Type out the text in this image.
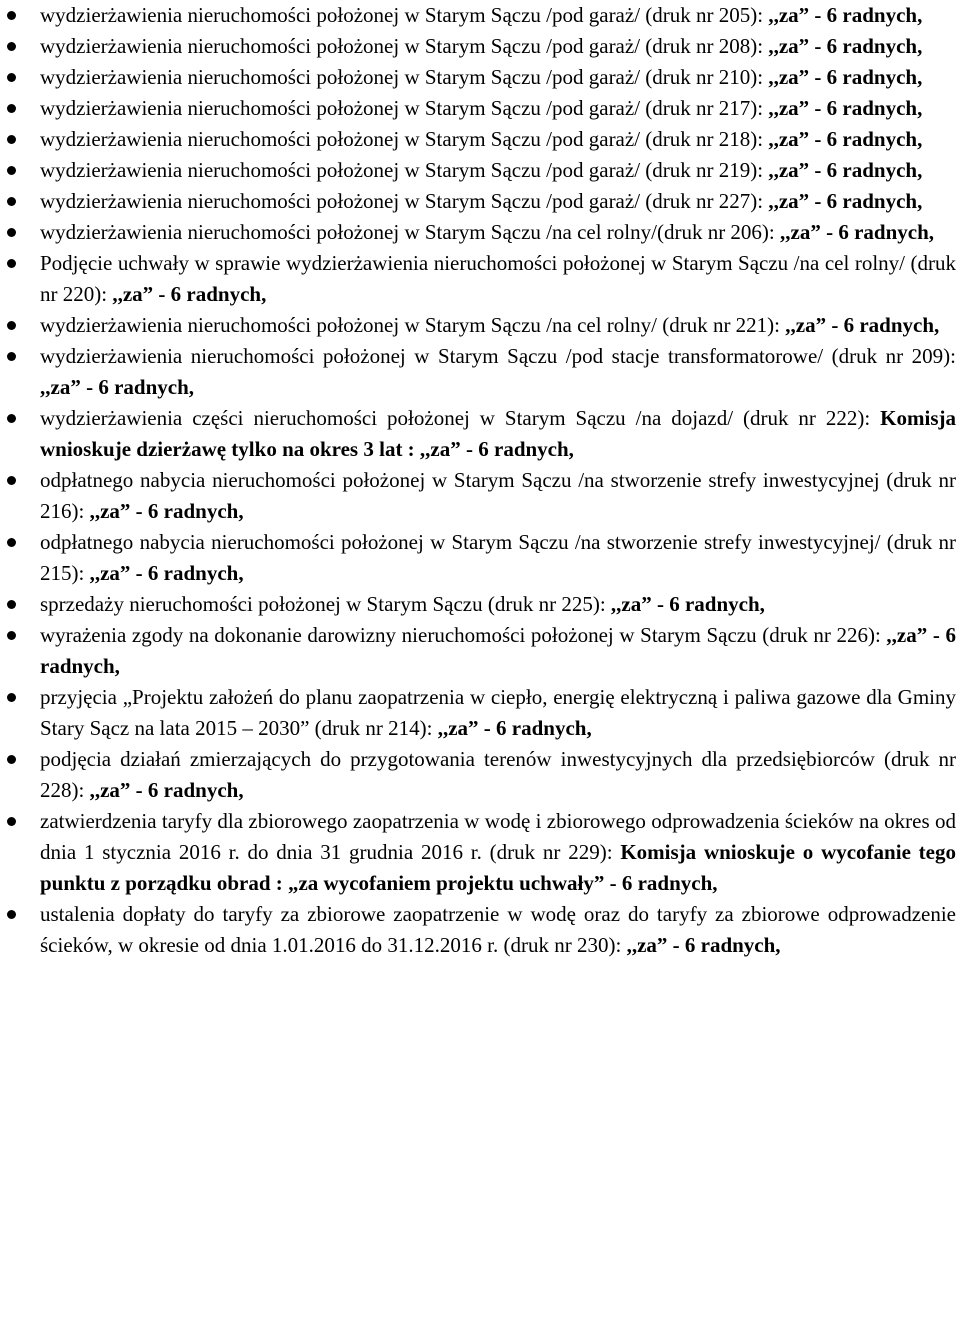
wydzierżawienia nieruchomości położonej w Starym Sączu /pod garaż/ (druk nr 205): ,,za” - 6 radnych,
wydzierżawienia nieruchomości położonej w Starym Sączu /pod garaż/ (druk nr 208): ,,za” - 6 radnych,
wydzierżawienia nieruchomości położonej w Starym Sączu /pod garaż/ (druk nr 210): ,,za” - 6 radnych,
wydzierżawienia nieruchomości położonej w Starym Sączu /pod garaż/ (druk nr 217): ,,za” - 6 radnych,
wydzierżawienia nieruchomości położonej w Starym Sączu /pod garaż/ (druk nr 218): ,,za” - 6 radnych,
wydzierżawienia nieruchomości położonej w Starym Sączu /pod garaż/ (druk nr 219): ,,za” - 6 radnych,
wydzierżawienia nieruchomości położonej w Starym Sączu /pod garaż/ (druk nr 227): ,,za” - 6 radnych,
wydzierżawienia nieruchomości położonej w Starym Sączu /na cel rolny/(druk nr 206): ,,za” - 6 radnych,
Podjęcie uchwały w sprawie wydzierżawienia nieruchomości położonej w Starym Sączu /na cel rolny/ (druk nr 220): ,,za” - 6 radnych,
wydzierżawienia nieruchomości położonej w Starym Sączu /na cel rolny/ (druk nr 221): ,,za” - 6 radnych,
wydzierżawienia nieruchomości położonej w Starym Sączu /pod stacje transformatorowe/ (druk nr 209): ,,za” - 6 radnych,
wydzierżawienia części nieruchomości położonej w Starym Sączu /na dojazd/ (druk nr 222): Komisja wnioskuje dzierżawę tylko na okres 3 lat : ,,za” - 6 radnych,
odpłatnego nabycia nieruchomości położonej w Starym Sączu /na stworzenie strefy inwestycyjnej (druk nr 216): ,,za” - 6 radnych,
odpłatnego nabycia nieruchomości położonej w Starym Sączu /na stworzenie strefy inwestycyjnej/ (druk nr 215): ,,za” - 6 radnych,
sprzedaży nieruchomości położonej w Starym Sączu (druk nr 225): ,,za” - 6 radnych,
wyrażenia zgody na dokonanie darowizny nieruchomości położonej w Starym Sączu (druk nr 226): ,,za” - 6 radnych,
przyjęcia „Projektu założeń do planu zaopatrzenia w ciepło, energię elektryczną i paliwa gazowe dla Gminy Stary Sącz na lata 2015 – 2030” (druk nr 214): ,,za” - 6 radnych,
podjęcia działań zmierzających do przygotowania terenów inwestycyjnych dla przedsiębiorców (druk nr 228): ,,za” - 6 radnych,
zatwierdzenia taryfy dla zbiorowego zaopatrzenia w wodę i zbiorowego odprowadzenia ścieków na okres od dnia 1 stycznia 2016 r. do dnia 31 grudnia 2016 r. (druk nr 229): Komisja wnioskuje o wycofanie tego punktu z porządku obrad : „za wycofaniem projektu uchwały” - 6 radnych,
ustalenia dopłaty do taryfy za zbiorowe zaopatrzenie w wodę oraz do taryfy za zbiorowe odprowadzenie ścieków, w okresie od dnia 1.01.2016 do 31.12.2016 r. (druk nr 230): ,,za” - 6 radnych,
